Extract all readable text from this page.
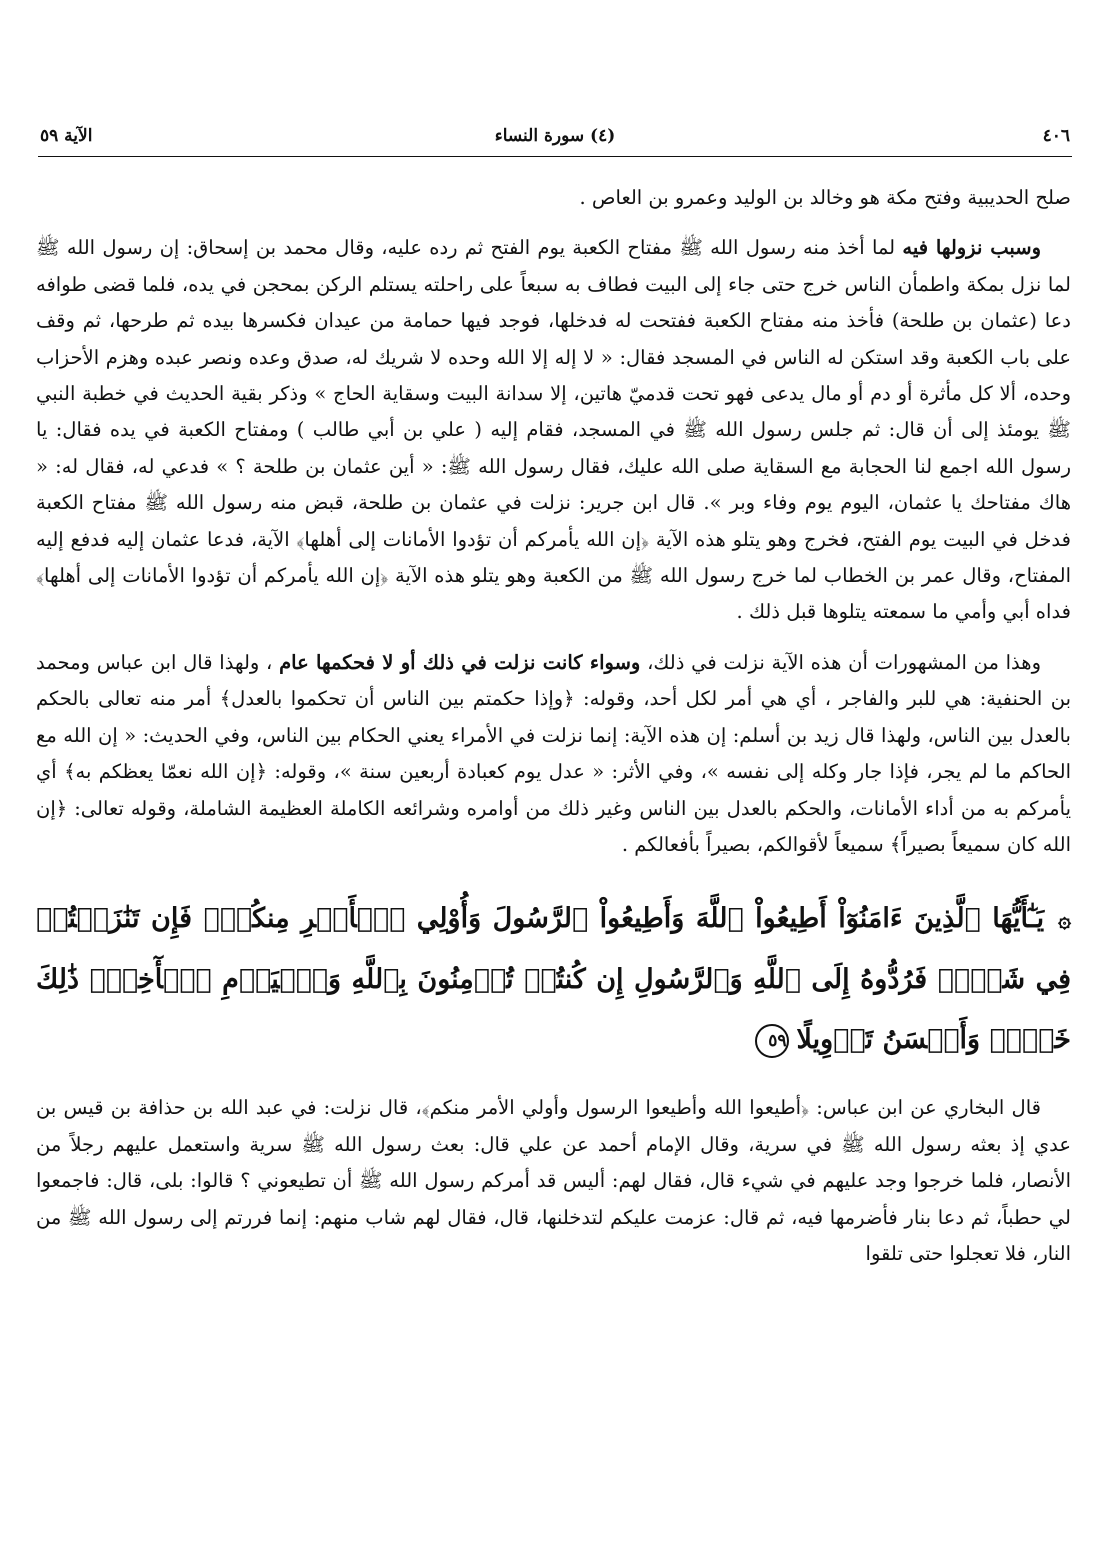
٤٠٦
(٤) سورة النساء
الآية ٥٩

صلح الحديبية وفتح مكة هو وخالد بن الوليد وعمرو بن العاص .

وسبب نزولها فيه لما أخذ منه رسول الله ﷺ مفتاح الكعبة يوم الفتح ثم رده عليه، وقال محمد بن إسحاق: إن رسول الله ﷺ لما نزل بمكة واطمأن الناس خرج حتى جاء إلى البيت فطاف به سبعاً على راحلته يستلم الركن بمحجن في يده، فلما قضى طوافه دعا (عثمان بن طلحة) فأخذ منه مفتاح الكعبة ففتحت له فدخلها، فوجد فيها حمامة من عيدان فكسرها بيده ثم طرحها، ثم وقف على باب الكعبة وقد استكن له الناس في المسجد فقال: « لا إله إلا الله وحده لا شريك له، صدق وعده ونصر عبده وهزم الأحزاب وحده، ألا كل مأثرة أو دم أو مال يدعى فهو تحت قدميّ هاتين، إلا سدانة البيت وسقاية الحاج » وذكر بقية الحديث في خطبة النبي ﷺ يومئذ إلى أن قال: ثم جلس رسول الله ﷺ في المسجد، فقام إليه ( علي بن أبي طالب ) ومفتاح الكعبة في يده فقال: يا رسول الله اجمع لنا الحجابة مع السقاية صلى الله عليك، فقال رسول الله ﷺ: « أين عثمان بن طلحة ؟ » فدعي له، فقال له: « هاك مفتاحك يا عثمان، اليوم يوم وفاء وبر ». قال ابن جرير: نزلت في عثمان بن طلحة، قبض منه رسول الله ﷺ مفتاح الكعبة فدخل في البيت يوم الفتح، فخرج وهو يتلو هذه الآية ﴿إن الله يأمركم أن تؤدوا الأمانات إلى أهلها﴾ الآية، فدعا عثمان إليه فدفع إليه المفتاح، وقال عمر بن الخطاب لما خرج رسول الله ﷺ من الكعبة وهو يتلو هذه الآية ﴿إن الله يأمركم أن تؤدوا الأمانات إلى أهلها﴾ فداه أبي وأمي ما سمعته يتلوها قبل ذلك .

وهذا من المشهورات أن هذه الآية نزلت في ذلك، وسواء كانت نزلت في ذلك أو لا فحكمها عام ، ولهذا قال ابن عباس ومحمد بن الحنفية: هي للبر والفاجر ، أي هي أمر لكل أحد، وقوله: ﴿وإذا حكمتم بين الناس أن تحكموا بالعدل﴾ أمر منه تعالى بالحكم بالعدل بين الناس، ولهذا قال زيد بن أسلم: إن هذه الآية: إنما نزلت في الأمراء يعني الحكام بين الناس، وفي الحديث: « إن الله مع الحاكم ما لم يجر، فإذا جار وكله إلى نفسه »، وفي الأثر: « عدل يوم كعبادة أربعين سنة »، وقوله: ﴿إن الله نعمّا يعظكم به﴾ أي يأمركم به من أداء الأمانات، والحكم بالعدل بين الناس وغير ذلك من أوامره وشرائعه الكاملة العظيمة الشاملة، وقوله تعالى: ﴿إن الله كان سميعاً بصيراً﴾ سميعاً لأقوالكم، بصيراً بأفعالكم .

۞يَـٰٓأَيُّهَا ٱلَّذِينَ ءَامَنُوٓاْ أَطِيعُواْ ٱللَّهَ وَأَطِيعُواْ ٱلرَّسُولَ وَأُوْلِي ٱلۡأَمۡرِ مِنكُمۡۖ فَإِن تَنَٰزَعۡتُمۡ فِي شَيۡءٖ فَرُدُّوهُ إِلَى ٱللَّهِ وَٱلرَّسُولِ إِن كُنتُمۡ تُؤۡمِنُونَ بِٱللَّهِ وَٱلۡيَوۡمِ ٱلۡأٓخِرِۚ ذَٰلِكَ خَيۡرٞ وَأَحۡسَنُ تَأۡوِيلًا٥٩

قال البخاري عن ابن عباس: ﴿أطيعوا الله وأطيعوا الرسول وأولي الأمر منكم﴾، قال نزلت: في عبد الله بن حذافة بن قيس بن عدي إذ بعثه رسول الله ﷺ في سرية، وقال الإمام أحمد عن علي قال: بعث رسول الله ﷺ سرية واستعمل عليهم رجلاً من الأنصار، فلما خرجوا وجد عليهم في شيء قال، فقال لهم: أليس قد أمركم رسول الله ﷺ أن تطيعوني ؟ قالوا: بلى، قال: فاجمعوا لي حطباً، ثم دعا بنار فأضرمها فيه، ثم قال: عزمت عليكم لتدخلنها، قال، فقال لهم شاب منهم: إنما فررتم إلى رسول الله ﷺ من النار، فلا تعجلوا حتى تلقوا
